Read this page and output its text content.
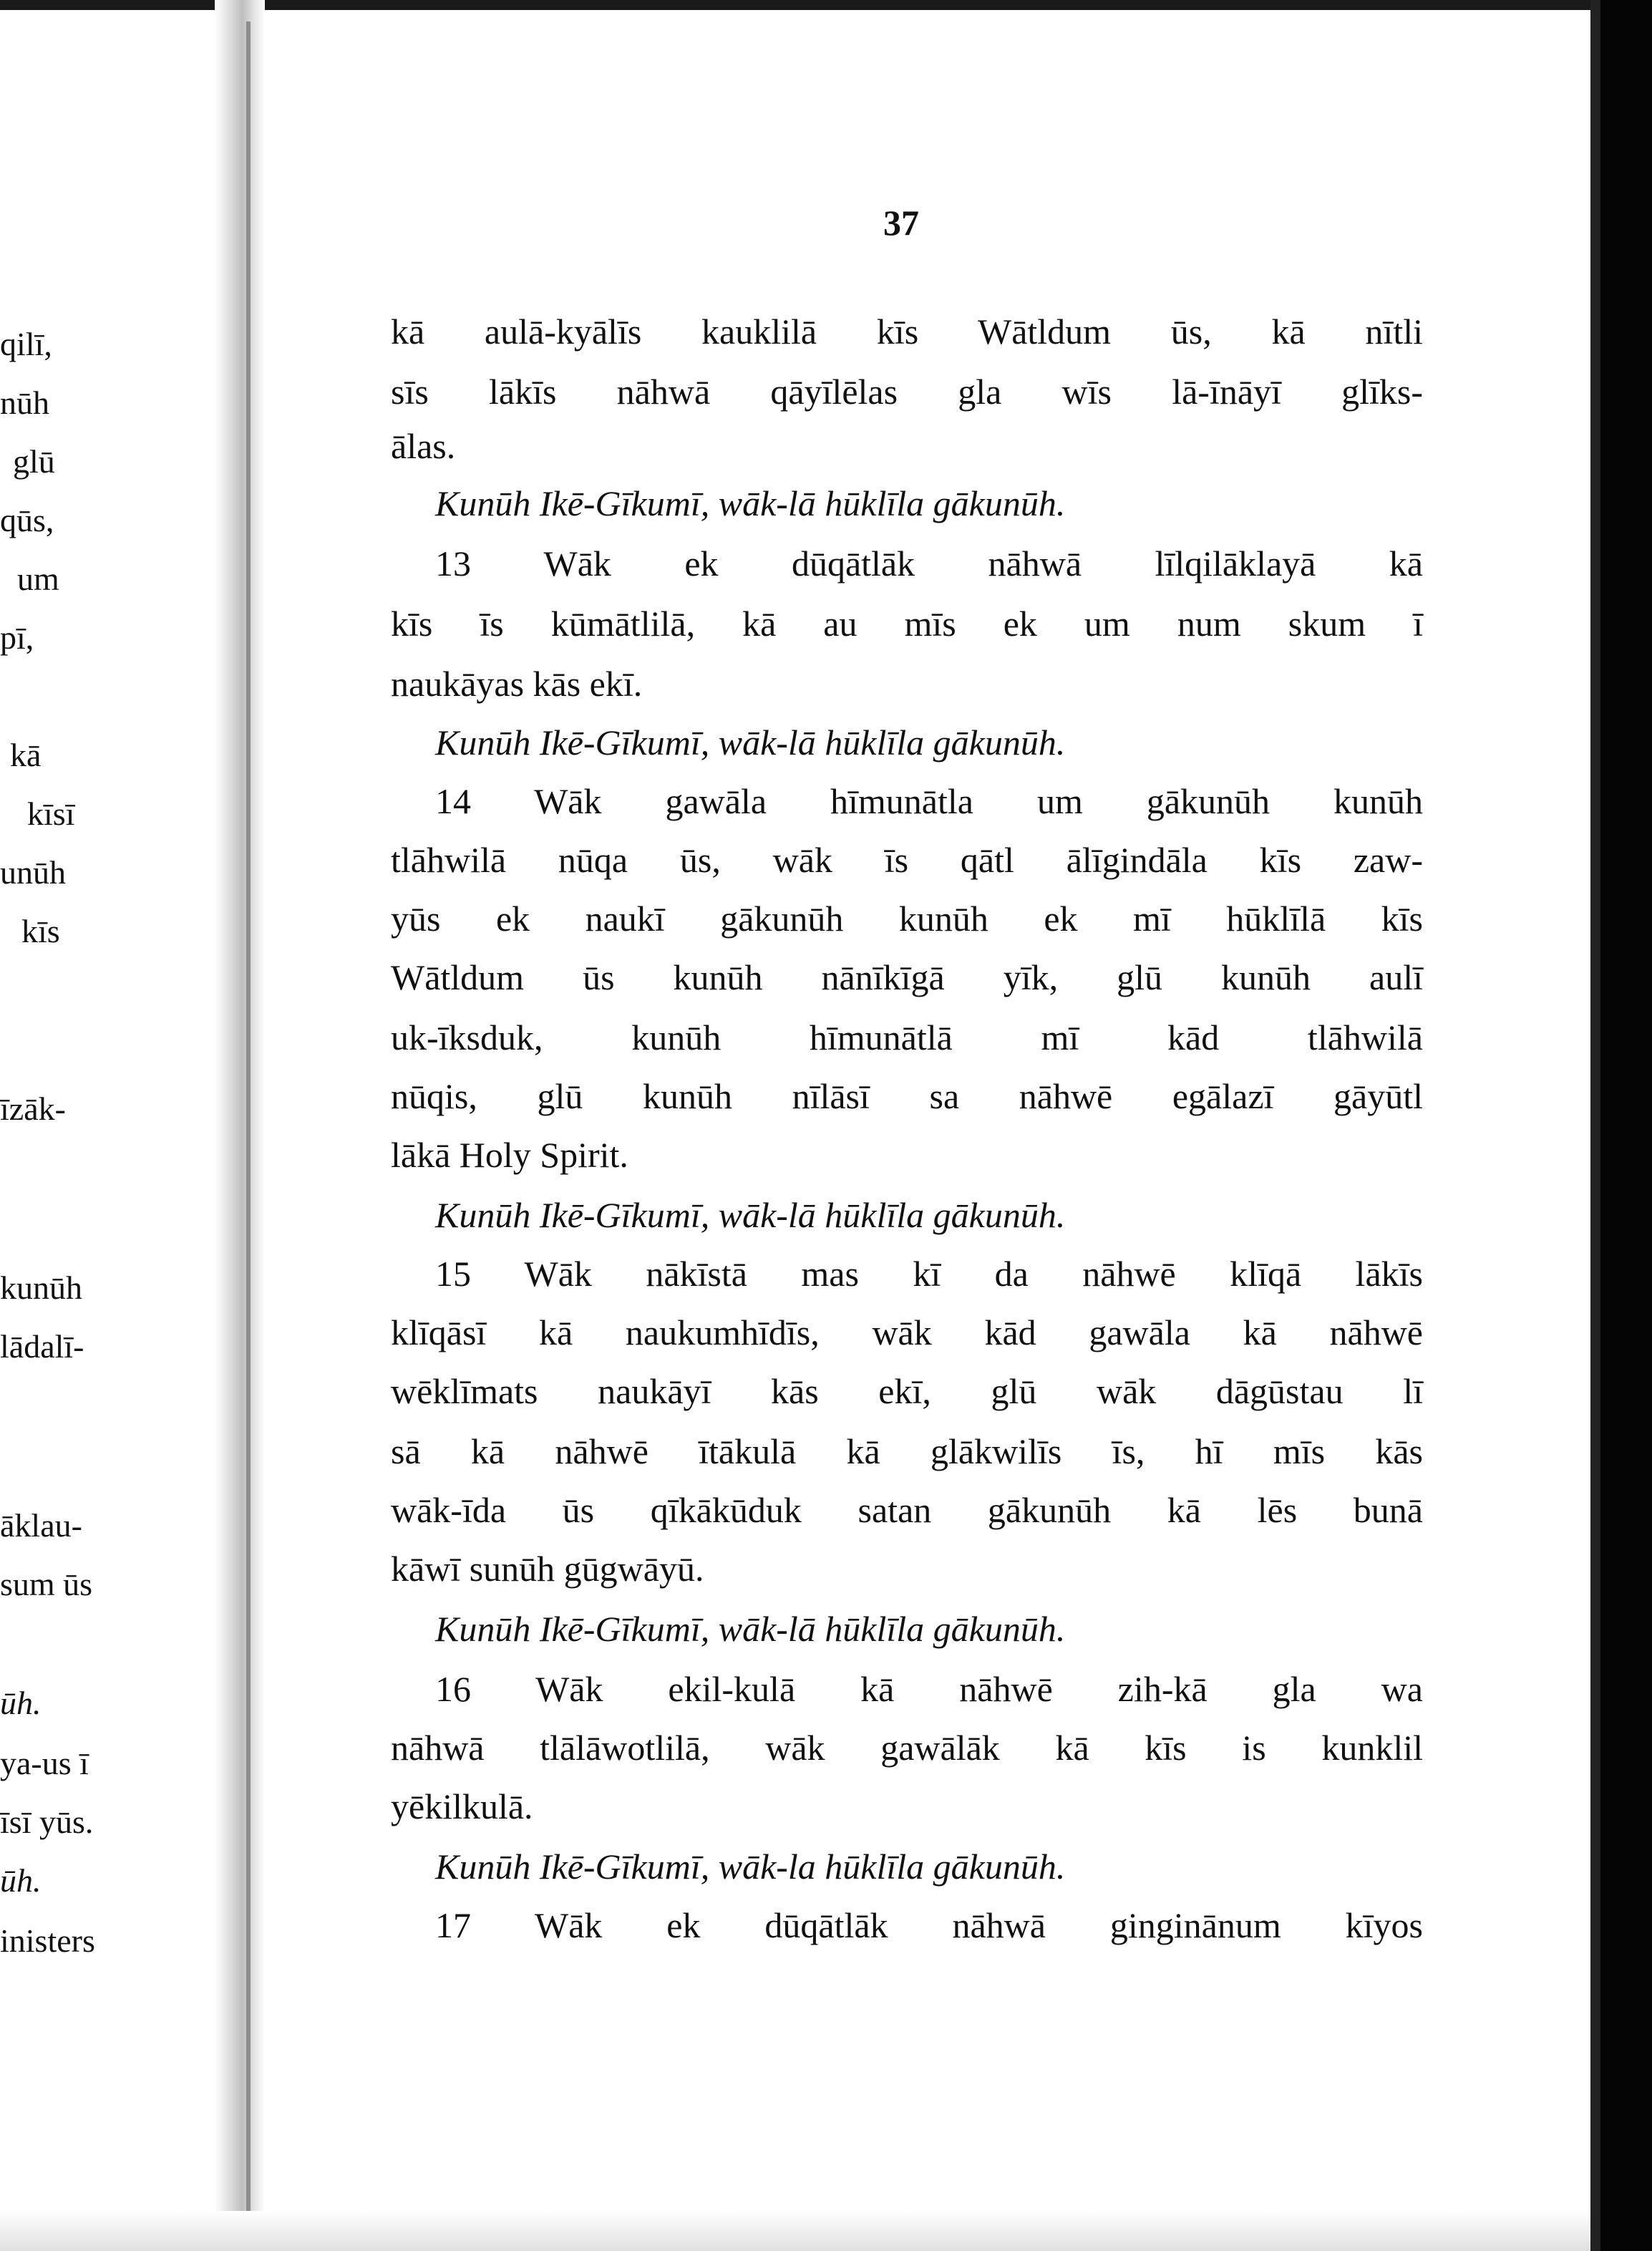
qilī,
nūh
glū
qūs,
um
pī,
kā
kīsī
unūh
kīs
īzāk-
kunūh
lādalī-
āklau-
sum ūs
ūh.
ya-us ī
īsī yūs.
ūh.
inisters
37
kā aulā-kyālīs kauklilā kīs Wātldum ūs, kā nītli
sīs lākīs nāhwā qāyīlēlas gla wīs lā-īnāyī glīks-
ālas.
Kunūh Ikē-Gīkumī, wāk-lā hūklīla gākunūh.
13 Wāk ek dūqātlāk nāhwā līlqilāklayā kā
kīs īs kūmātlilā, kā au mīs ek um num skum ī
naukāyas kās ekī.
Kunūh Ikē-Gīkumī, wāk-lā hūklīla gākunūh.
14 Wāk gawāla hīmunātla um gākunūh kunūh
tlāhwilā nūqa ūs, wāk īs qātl ālīgindāla kīs zaw-
yūs ek naukī gākunūh kunūh ek mī hūklīlā kīs
Wātldum ūs kunūh nānīkīgā yīk, glū kunūh aulī
uk-īksduk, kunūh hīmunātlā mī kād tlāhwilā
nūqis, glū kunūh nīlāsī sa nāhwē egālazī gāyūtl
lākā Holy Spirit.
Kunūh Ikē-Gīkumī, wāk-lā hūklīla gākunūh.
15 Wāk nākīstā mas kī da nāhwē klīqā lākīs
klīqāsī kā naukumhīdīs, wāk kād gawāla kā nāhwē
wēklīmats naukāyī kās ekī, glū wāk dāgūstau lī
sā kā nāhwē ītākulā kā glākwilīs īs, hī mīs kās
wāk-īda ūs qīkākūduk satan gākunūh kā lēs bunā
kāwī sunūh gūgwāyū.
Kunūh Ikē-Gīkumī, wāk-lā hūklīla gākunūh.
16 Wāk ekil-kulā kā nāhwē zih-kā gla wa
nāhwā tlālāwotlilā, wāk gawālāk kā kīs is kunklil
yēkilkulā.
Kunūh Ikē-Gīkumī, wāk-la hūklīla gākunūh.
17 Wāk ek dūqātlāk nāhwā ginginānum kīyos
